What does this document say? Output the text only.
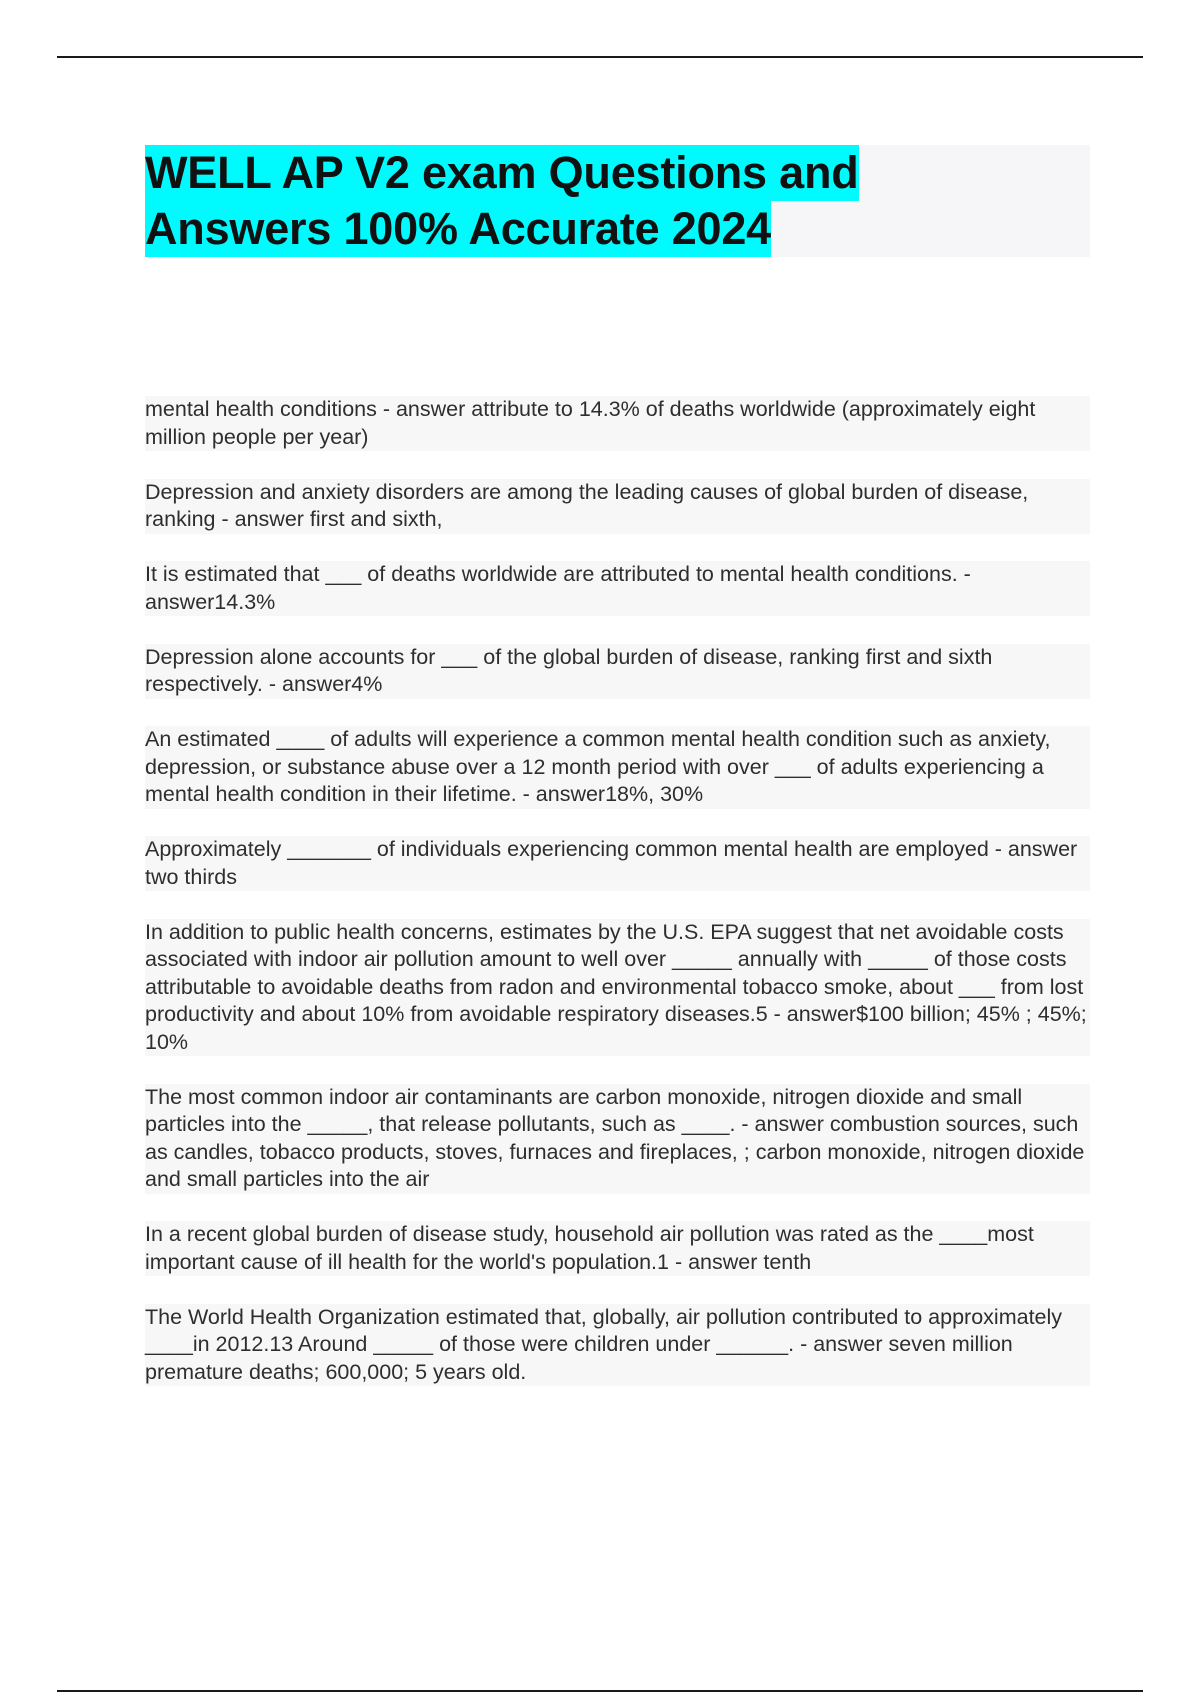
WELL AP V2 exam Questions and
Answers 100% Accurate 2024

mental health conditions - answer attribute to 14.3% of deaths worldwide (approximately eight million people per year)

Depression and anxiety disorders are among the leading causes of global burden of disease, ranking - answer first and sixth,

It is estimated that ___ of deaths worldwide are attributed to mental health conditions. - answer14.3%

Depression alone accounts for ___ of the global burden of disease, ranking first and sixth respectively. - answer4%

An estimated ____ of adults will experience a common mental health condition such as anxiety, depression, or substance abuse over a 12 month period with over ___ of adults experiencing a mental health condition in their lifetime. - answer18%, 30%

Approximately _______ of individuals experiencing common mental health are employed - answer two thirds

In addition to public health concerns, estimates by the U.S. EPA suggest that net avoidable costs associated with indoor air pollution amount to well over _____ annually with _____ of those costs attributable to avoidable deaths from radon and environmental tobacco smoke, about ___ from lost productivity and about 10% from avoidable respiratory diseases.5 - answer$100 billion; 45% ; 45%; 10%

The most common indoor air contaminants are carbon monoxide, nitrogen dioxide and small particles into the _____, that release pollutants, such as ____. - answer combustion sources, such as candles, tobacco products, stoves, furnaces and fireplaces, ; carbon monoxide, nitrogen dioxide and small particles into the air

In a recent global burden of disease study, household air pollution was rated as the ____most important cause of ill health for the world's population.1 - answer tenth

The World Health Organization estimated that, globally, air pollution contributed to approximately ____in 2012.13 Around _____ of those were children under ______. - answer seven million premature deaths; 600,000; 5 years old.
